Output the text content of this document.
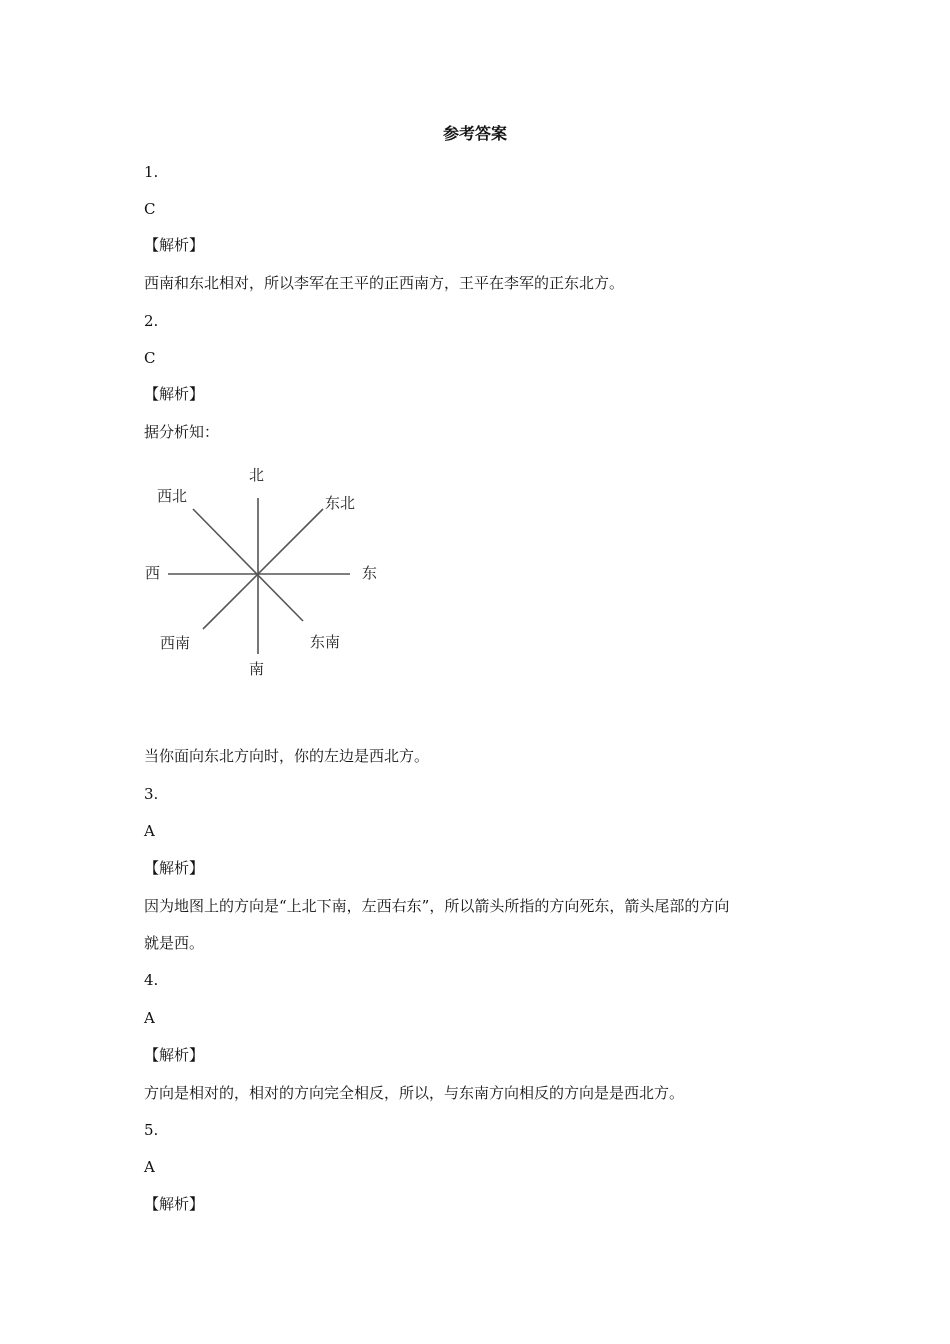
参考答案
1.
C
【解析】
西南和东北相对，所以李军在王平的正西南方，王平在李军的正东北方。
2.
C
【解析】
据分析知：
北
东北
东
东南
南
西南
西
西北
当你面向东北方向时，你的左边是西北方。
3.
A
【解析】
因为地图上的方向是“上北下南，左西右东”，所以箭头所指的方向死东，箭头尾部的方向
就是西。
4.
A
【解析】
方向是相对的，相对的方向完全相反，所以，与东南方向相反的方向是是西北方。
5.
A
【解析】
